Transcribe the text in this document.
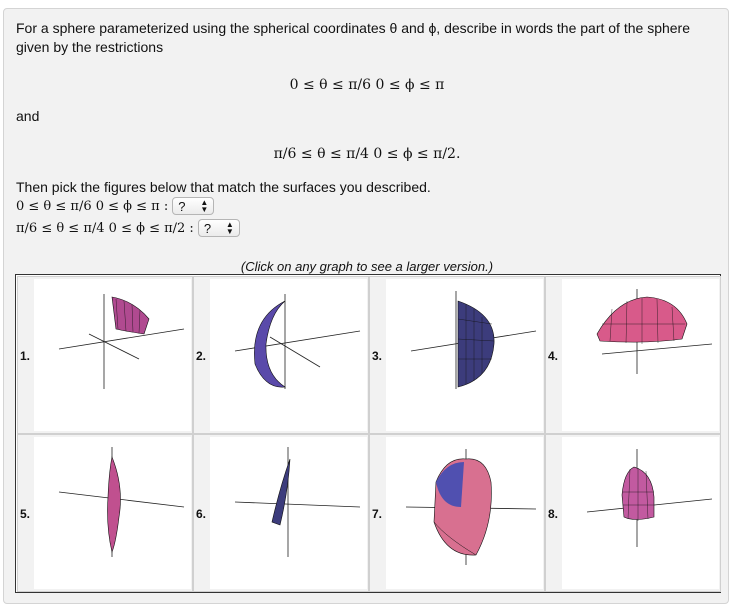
For a sphere parameterized using the spherical coordinates θ and ϕ, describe in words the part of the sphere given by the restrictions
0 ≤ θ ≤ π/6 0 ≤ ϕ ≤ π
and
π/6 ≤ θ ≤ π/4 0 ≤ ϕ ≤ π/2.
Then pick the figures below that match the surfaces you described.
0 ≤ θ ≤ π/6 0 ≤ ϕ ≤ π : ? ▲
▼
π/6 ≤ θ ≤ π/4 0 ≤ ϕ ≤ π/2 : ? ▲
▼
(Click on any graph to see a larger version.)
1.	2.	3.	4.
5.	6.	7.	8.
